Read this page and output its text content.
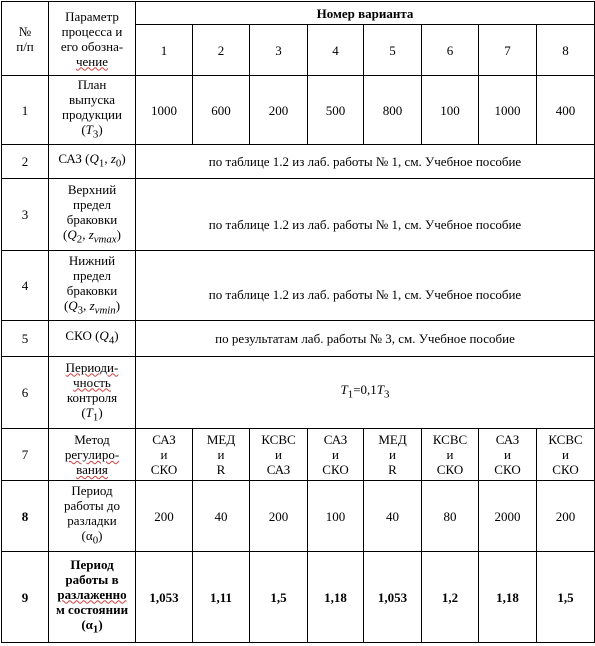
№
п/п	Параметр
процесса и
его обозна-
чение	Номер варианта							
		1	2	3	4	5	6	7	8
1	План
выпуска
продукции
$(T_3)$	1000	600	200	500	800	100	1000	400
2	САЗ ($Q_1$, $z_0$)	по таблице 1.2 из лаб. работы № 1, см. Учебное пособие							
3	Верхний
предел
браковки
($Q_2$, $z_{vmax}$)	по таблице 1.2 из лаб. работы № 1, см. Учебное пособие							
4	Нижний
предел
браковки
($Q_3$, $z_{vmin}$)	по таблице 1.2 из лаб. работы № 1, см. Учебное пособие							
5	СКО $(Q_4)$	по результатам лаб. работы № 3, см. Учебное пособие							
6	Периоди-
чность
контроля
$(T_1)$	$T_1=0,1T_3$
7	Метод
регулиро-
вания	САЗ
и
СКО	МЕД
и
R	КСВС
и
САЗ	САЗ
и
СКО	МЕД
и
R	КСВС
и
СКО	САЗ
и
СКО	КСВС
и
СКО

8	Период
работы до
разладки
$(\alpha_0)$	200	40	200	100	40	80	2000	200
9	Период
работы в
разлаженно
м состоянии
$(\alpha_1)$	1,053	1,11	1,5	1,18	1,053	1,2	1,18	1,5
